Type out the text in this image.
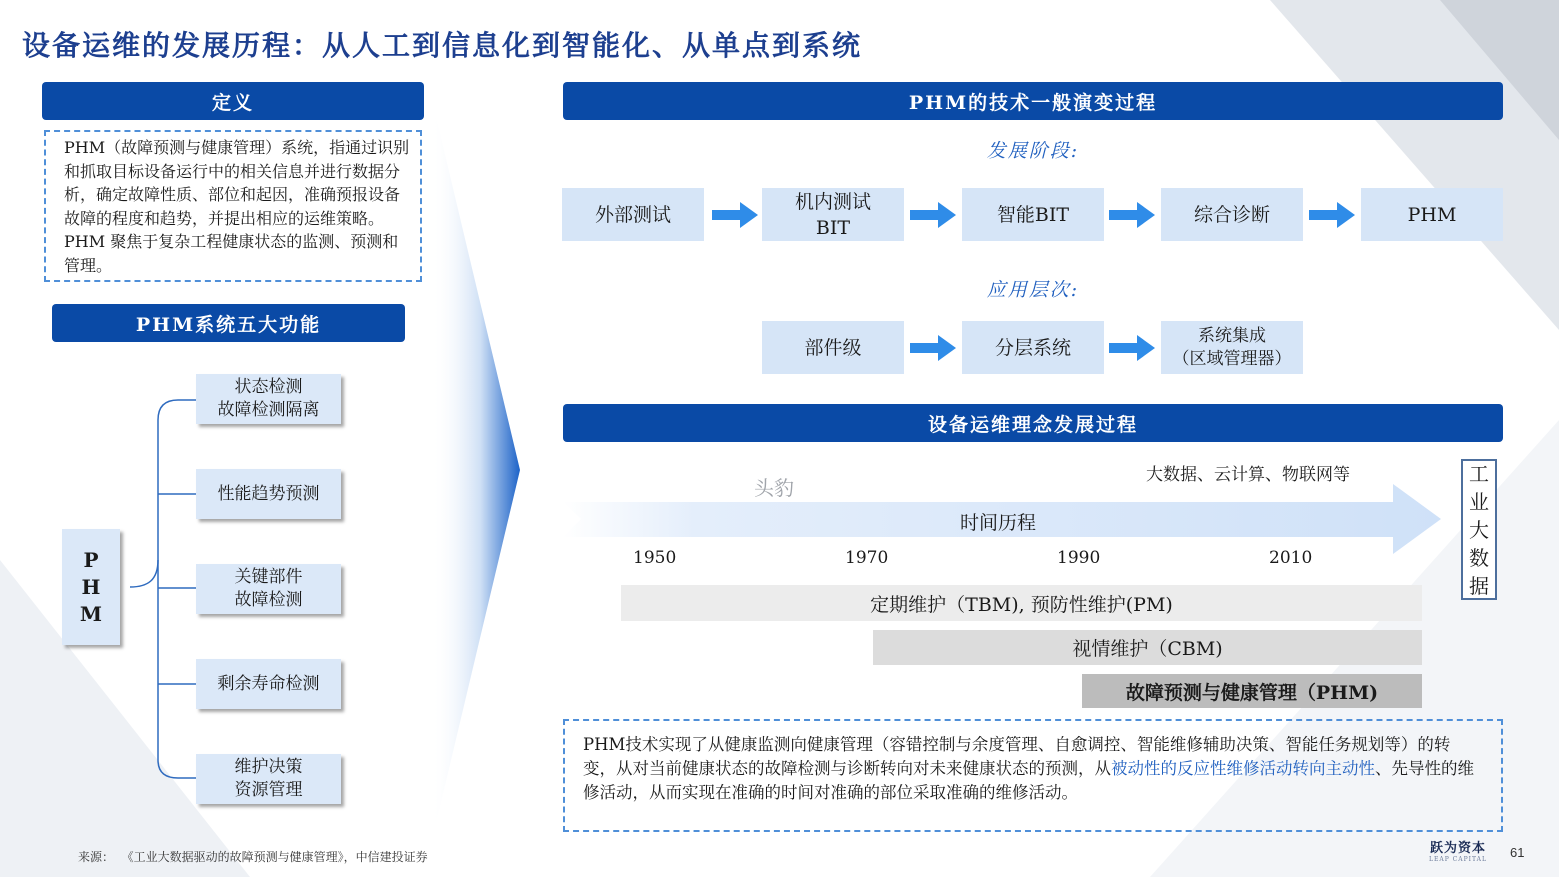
设备运维的发展历程：从人工到信息化到智能化、从单点到系统
定义
PHM（故障预测与健康管理）系统，指通过识别和抓取目标设备运行中的相关信息并进行数据分析，确定故障性质、部位和起因，准确预报设备故障的程度和趋势，并提出相应的运维策略。PHM 聚焦于复杂工程健康状态的监测、预测和管理。
PHM系统五大功能
P
H
M
状态检测
故障检测隔离
性能趋势预测
关键部件
故障检测
剩余寿命检测
维护决策
资源管理
PHM的技术一般演变过程
发展阶段:
外部测试
机内测试
BIT
智能BIT	综合诊断	PHM
应用层次:
部件级	分层系统
系统集成
（区域管理器）
设备运维理念发展过程
大数据、云计算、物联网等
头豹
时间历程
1950	1970	1990	2010
工
业
大
数
据
定期维护（TBM), 预防性维护(PM)
视情维护（CBM)
故障预测与健康管理（PHM)
PHM技术实现了从健康监测向健康管理（容错控制与余度管理、自愈调控、智能维修辅助决策、智能任务规划等）的转变，从对当前健康状态的故障检测与诊断转向对未来健康状态的预测，从被动性的反应性维修活动转向主动性、先导性的维修活动，从而实现在准确的时间对准确的部位采取准确的维修活动。
来源：  《工业大数据驱动的故障预测与健康管理》，中信建投证券
跃为资本
LEAP CAPITAL	61
